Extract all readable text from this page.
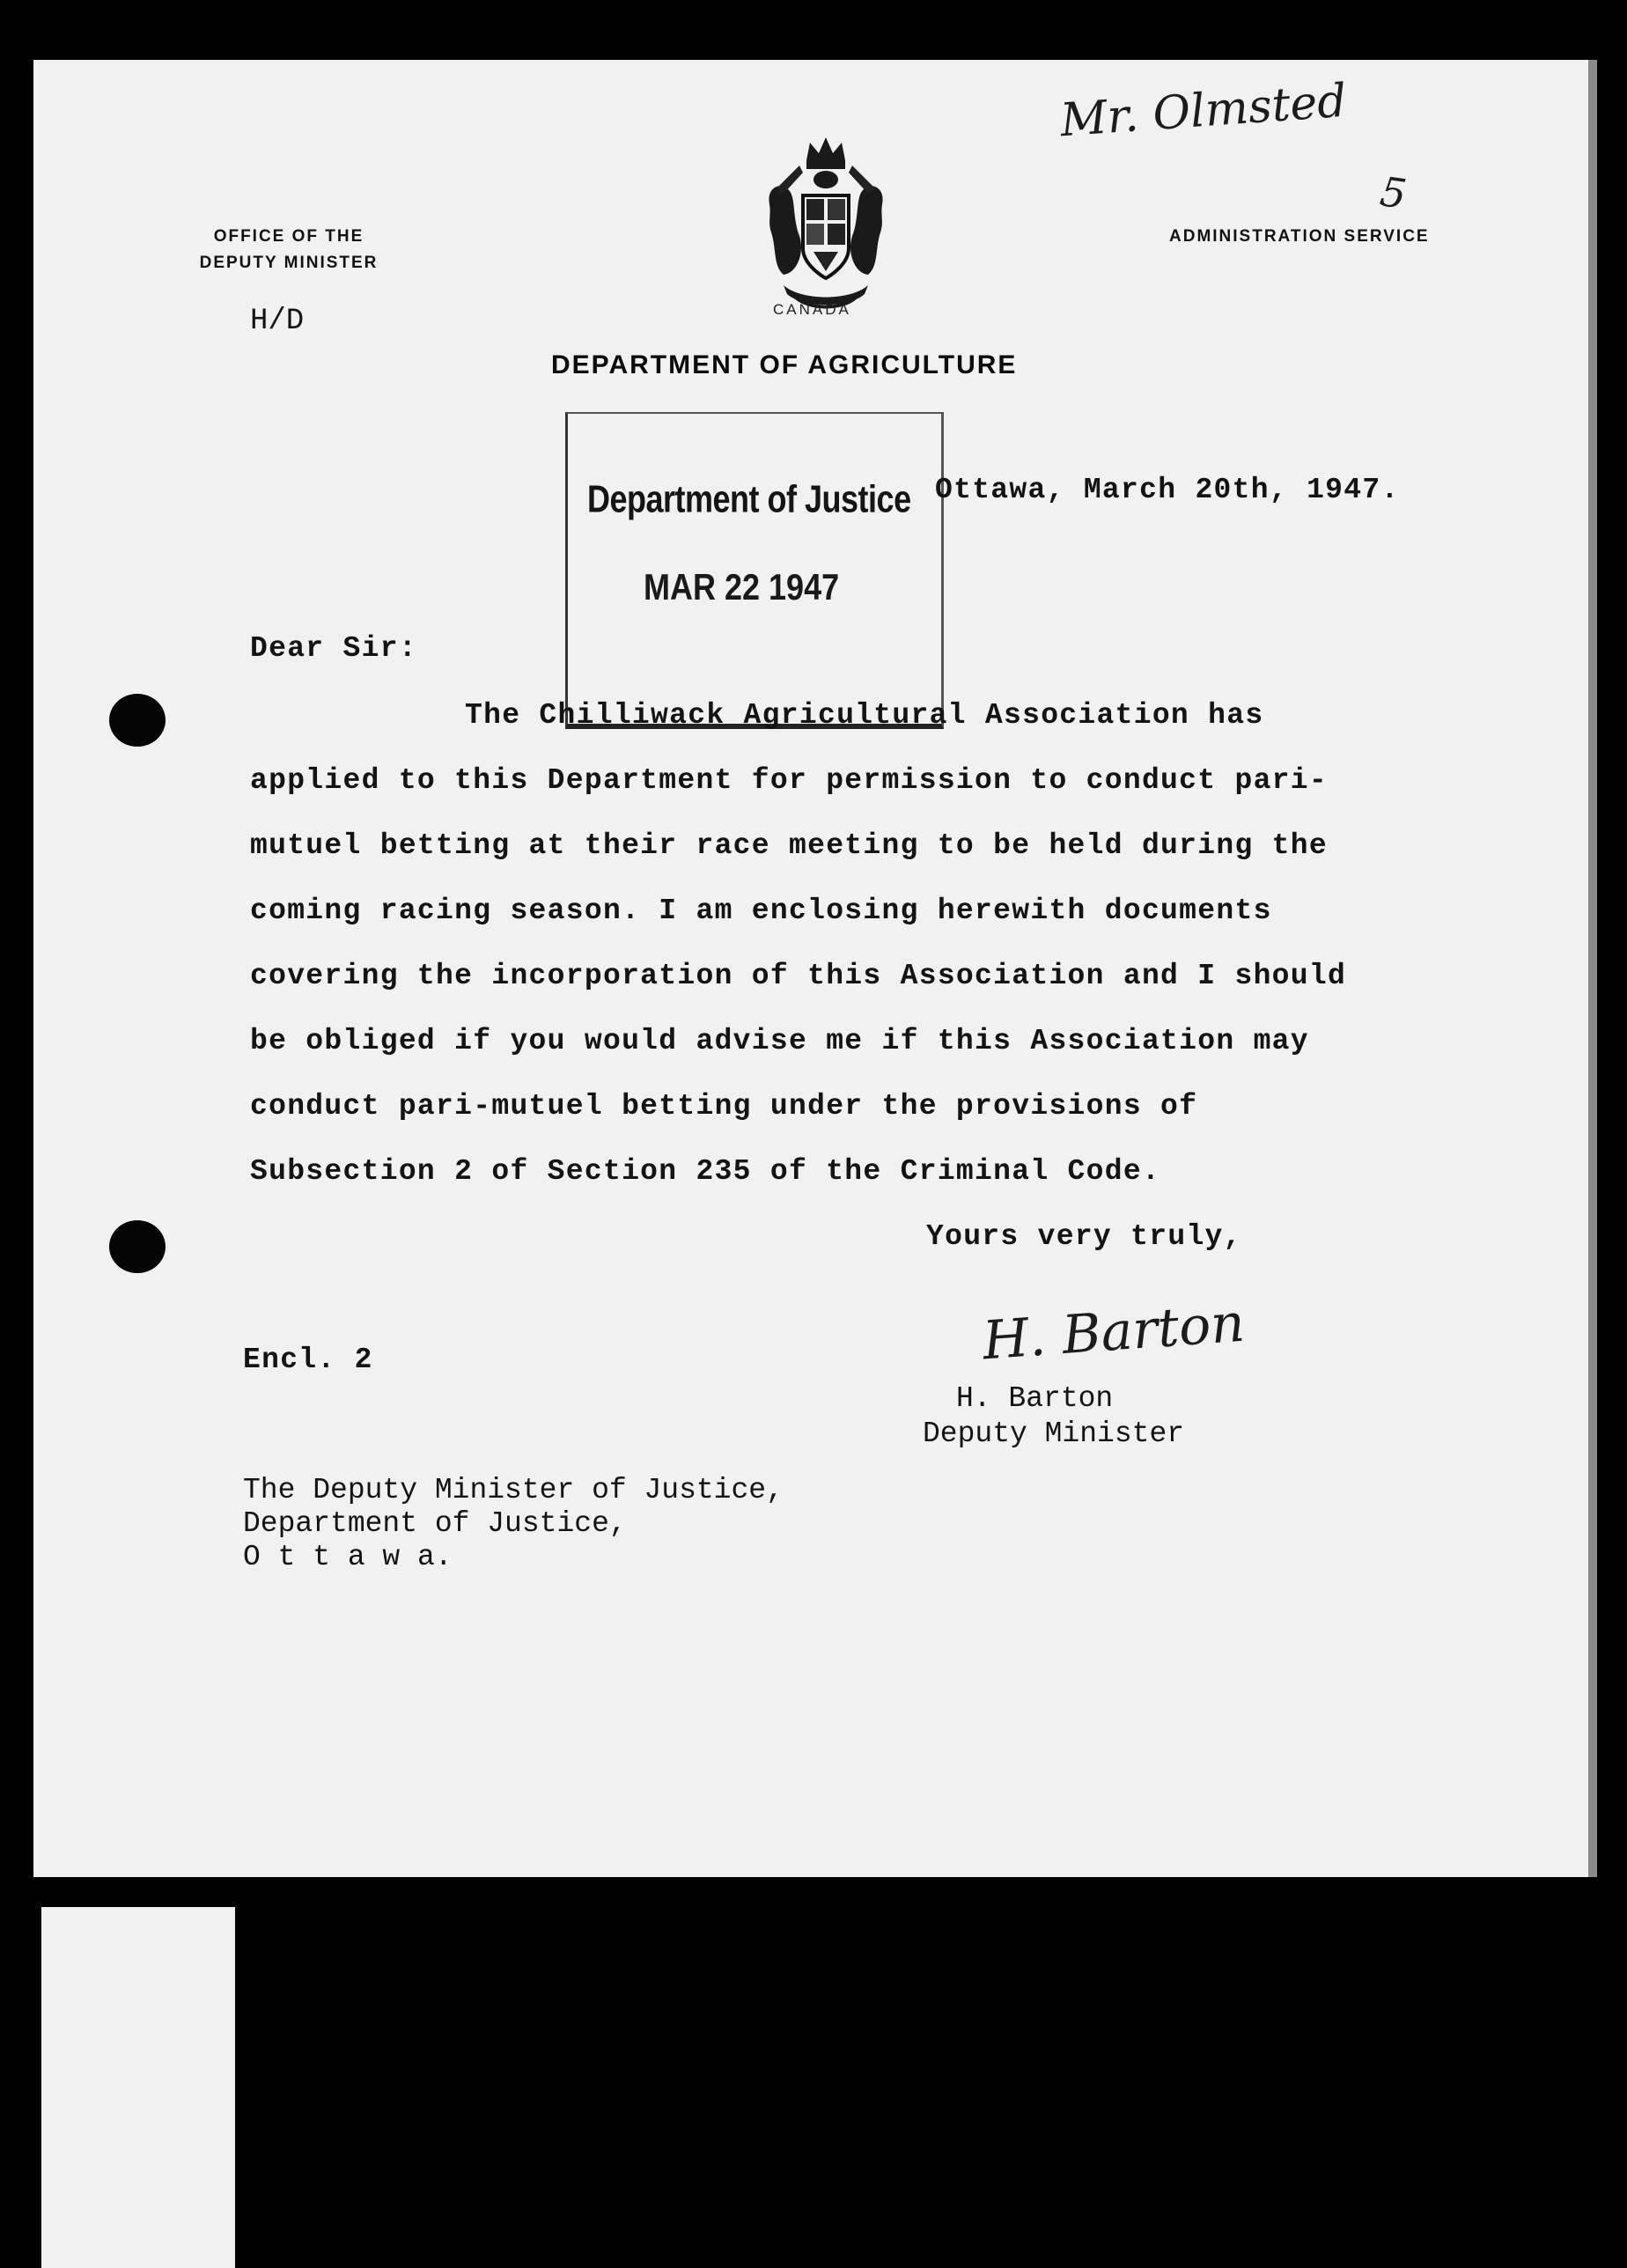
OFFICE OF THE
DEPUTY MINISTER
ADMINISTRATION SERVICE
H/D	CANADA
DEPARTMENT OF AGRICULTURE
Mr. Olmsted
5
Department of Justice
MAR 22 1947
Ottawa, March 20th, 1947.
Dear Sir:
The Chilliwack Agricultural Association has
applied to this Department for permission to conduct pari-
mutuel betting at their race meeting to be held during the
coming racing season. I am enclosing herewith documents
covering the incorporation of this Association and I should
be obliged if you would advise me if this Association may
conduct pari-mutuel betting under the provisions of
Subsection 2 of Section 235 of the Criminal Code.
Yours very truly,
Encl. 2	H. Barton
H. Barton
Deputy Minister
The Deputy Minister of Justice,
Department of Justice,
O t t a w a.
